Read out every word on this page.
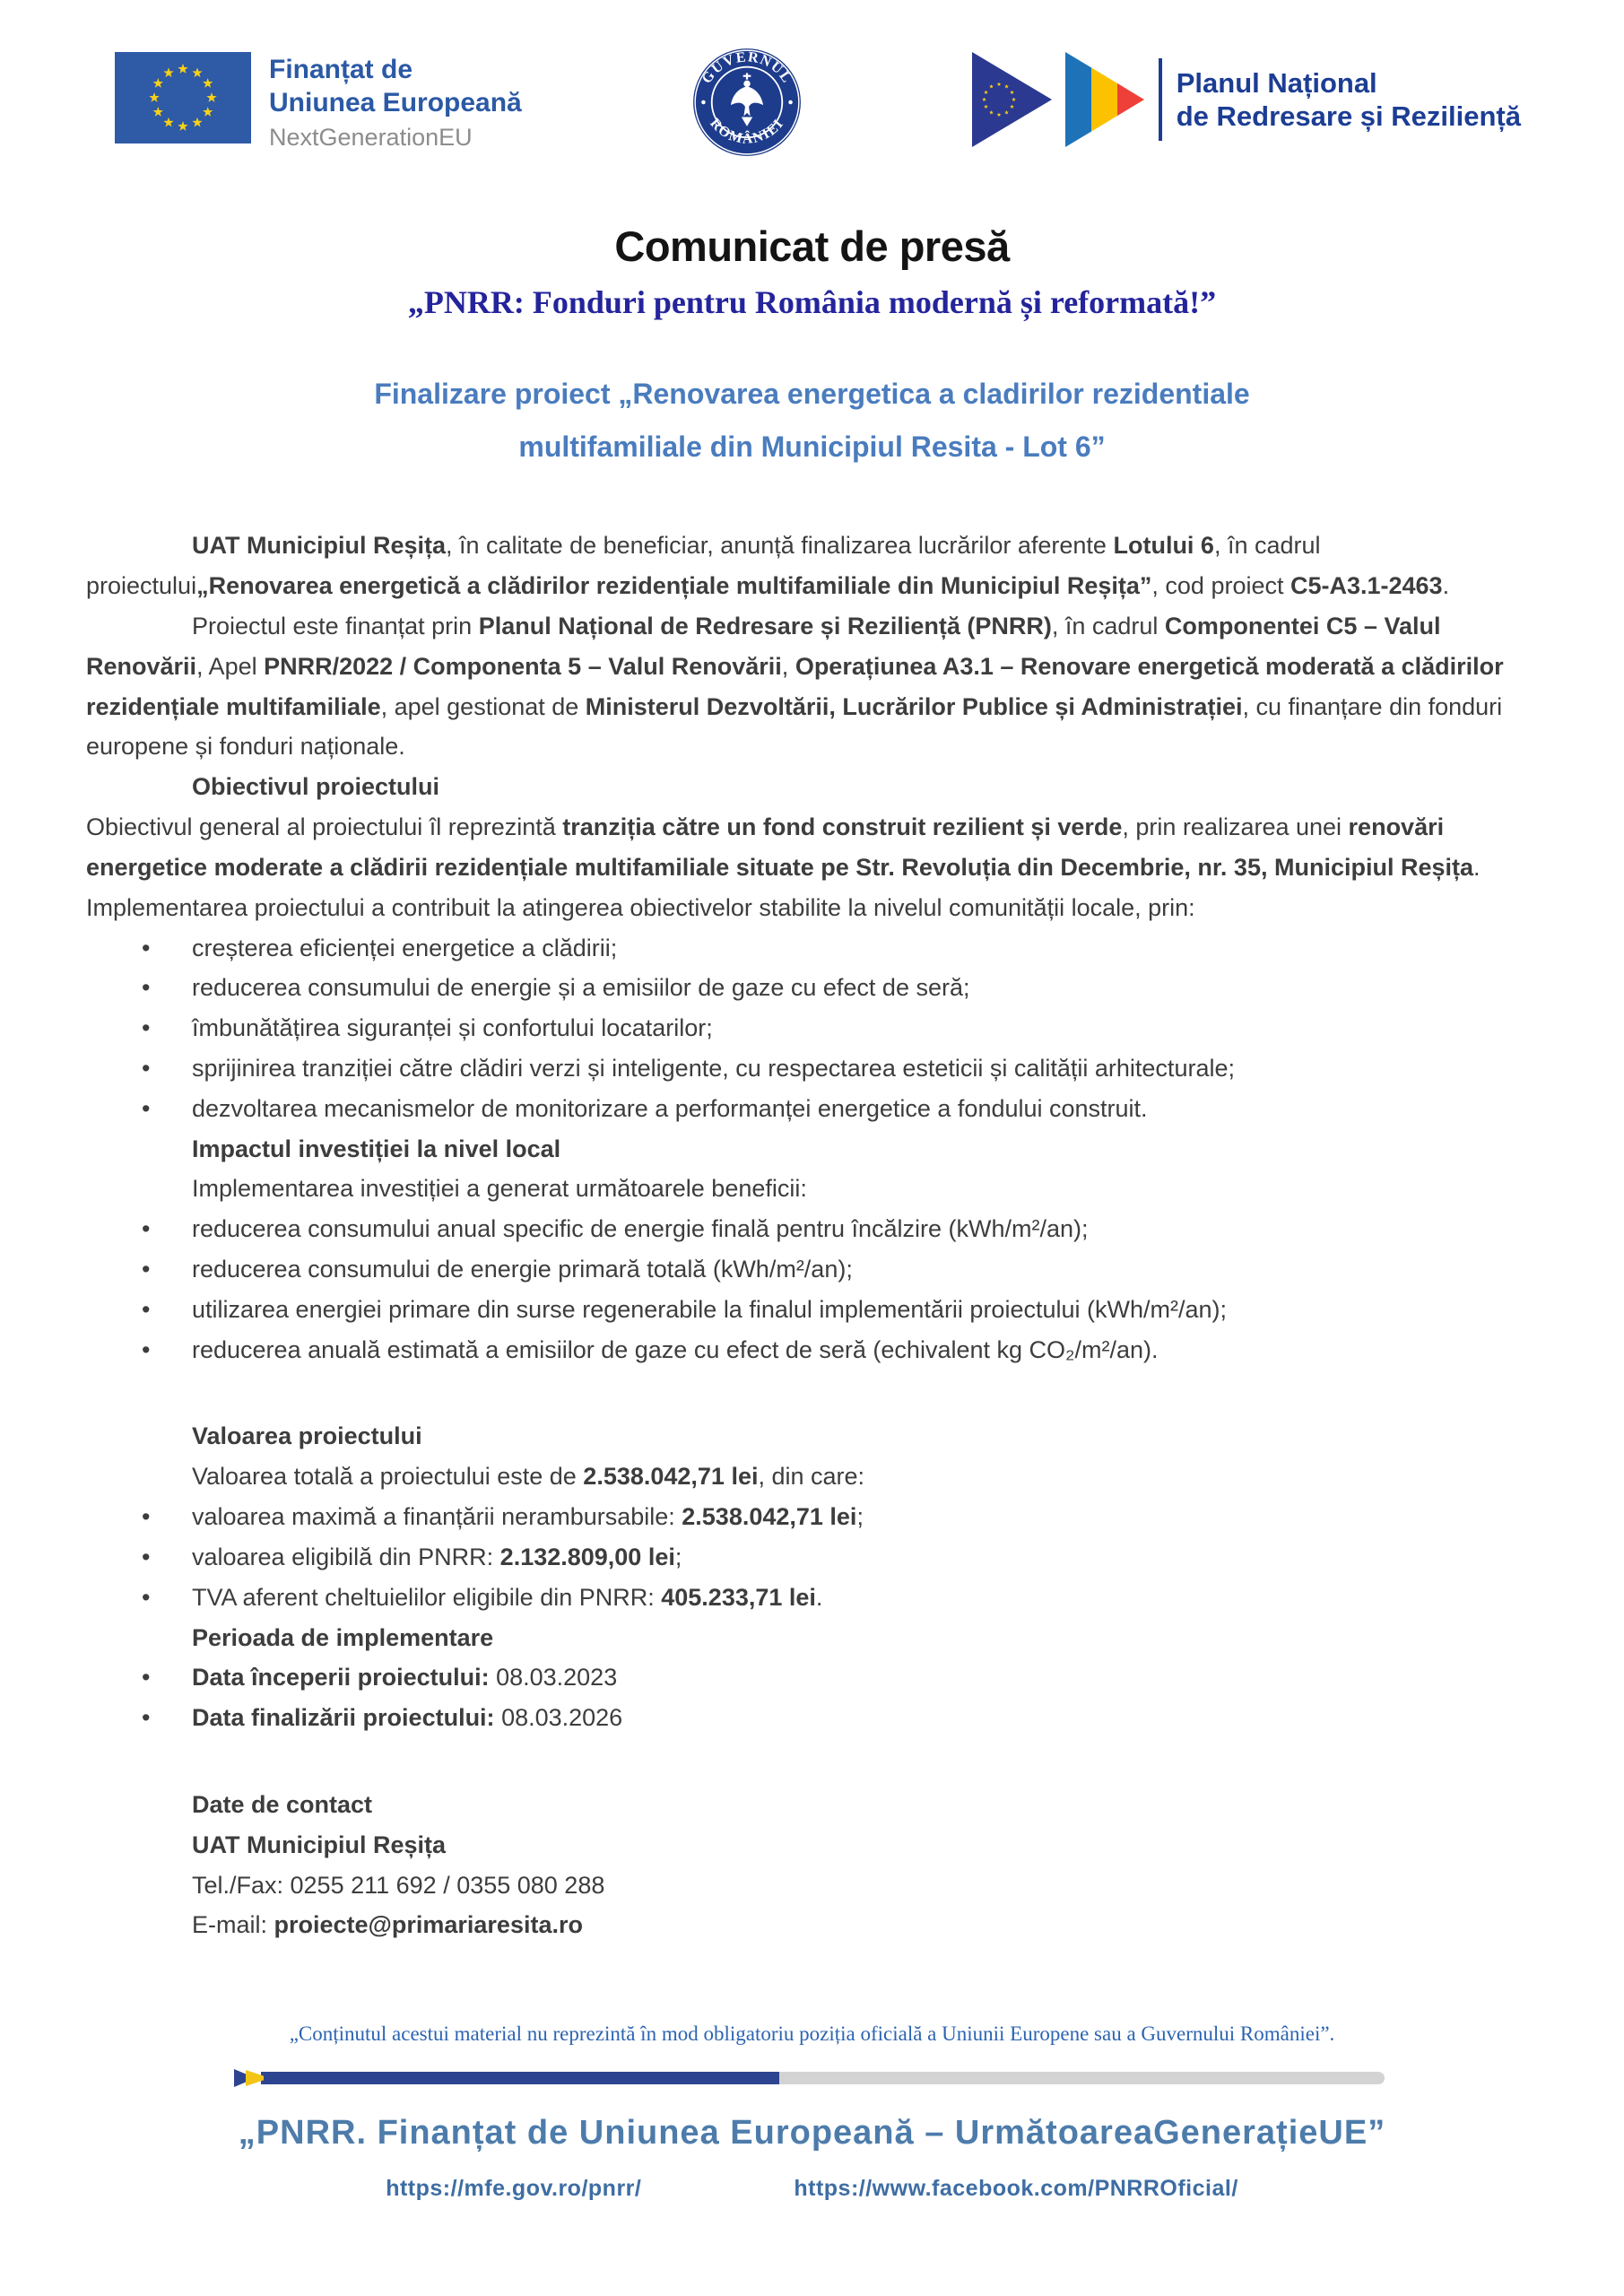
Finanțat de
Uniunea Europeană
NextGenerationEU
GUVERNUL
ROMÂNIEI
Planul Național
de Redresare și Reziliență
Comunicat de presă
„PNRR: Fonduri pentru România modernă și reformată!”
Finalizare proiect „Renovarea energetica a cladirilor rezidentiale
multifamiliale din Municipiul Resita - Lot 6”
UAT Municipiul Reșița, în calitate de beneficiar, anunță finalizarea lucrărilor aferente Lotului 6, în cadrul proiectului„Renovarea energetică a clădirilor rezidențiale multifamiliale din Municipiul Reșița”, cod proiect C5-A3.1-2463.
Proiectul este finanțat prin Planul Național de Redresare și Reziliență (PNRR), în cadrul Componentei C5 – Valul Renovării, Apel PNRR/2022 / Componenta 5 – Valul Renovării, Operațiunea A3.1 – Renovare energetică moderată a clădirilor rezidențiale multifamiliale, apel gestionat de Ministerul Dezvoltării, Lucrărilor Publice și Administrației, cu finanțare din fonduri europene și fonduri naționale.
Obiectivul proiectului
Obiectivul general al proiectului îl reprezintă tranziția către un fond construit rezilient și verde, prin realizarea unei renovări energetice moderate a clădirii rezidențiale multifamiliale situate pe Str. Revoluția din Decembrie, nr. 35, Municipiul Reșița.
Implementarea proiectului a contribuit la atingerea obiectivelor stabilite la nivelul comunității locale, prin:
• creșterea eficienței energetice a clădirii;
• reducerea consumului de energie și a emisiilor de gaze cu efect de seră;
• îmbunătățirea siguranței și confortului locatarilor;
• sprijinirea tranziției către clădiri verzi și inteligente, cu respectarea esteticii și calității arhitecturale;
• dezvoltarea mecanismelor de monitorizare a performanței energetice a fondului construit.
Impactul investiției la nivel local
Implementarea investiției a generat următoarele beneficii:
• reducerea consumului anual specific de energie finală pentru încălzire (kWh/m²/an);
• reducerea consumului de energie primară totală (kWh/m²/an);
• utilizarea energiei primare din surse regenerabile la finalul implementării proiectului (kWh/m²/an);
• reducerea anuală estimată a emisiilor de gaze cu efect de seră (echivalent kg CO₂/m²/an).
Valoarea proiectului
Valoarea totală a proiectului este de 2.538.042,71 lei, din care:
• valoarea maximă a finanțării nerambursabile: 2.538.042,71 lei;
• valoarea eligibilă din PNRR: 2.132.809,00 lei;
• TVA aferent cheltuielilor eligibile din PNRR: 405.233,71 lei.
Perioada de implementare
• Data începerii proiectului: 08.03.2023
• Data finalizării proiectului: 08.03.2026
Date de contact
UAT Municipiul Reșița
Tel./Fax: 0255 211 692 / 0355 080 288
E-mail: proiecte@primariaresita.ro
„Conținutul acestui material nu reprezintă în mod obligatoriu poziția oficială a Uniunii Europene sau a Guvernului României”.
„PNRR. Finanțat de Uniunea Europeană – UrmătoareaGenerațieUE”
https://mfe.gov.ro/pnrr/	https://www.facebook.com/PNRROficial/
